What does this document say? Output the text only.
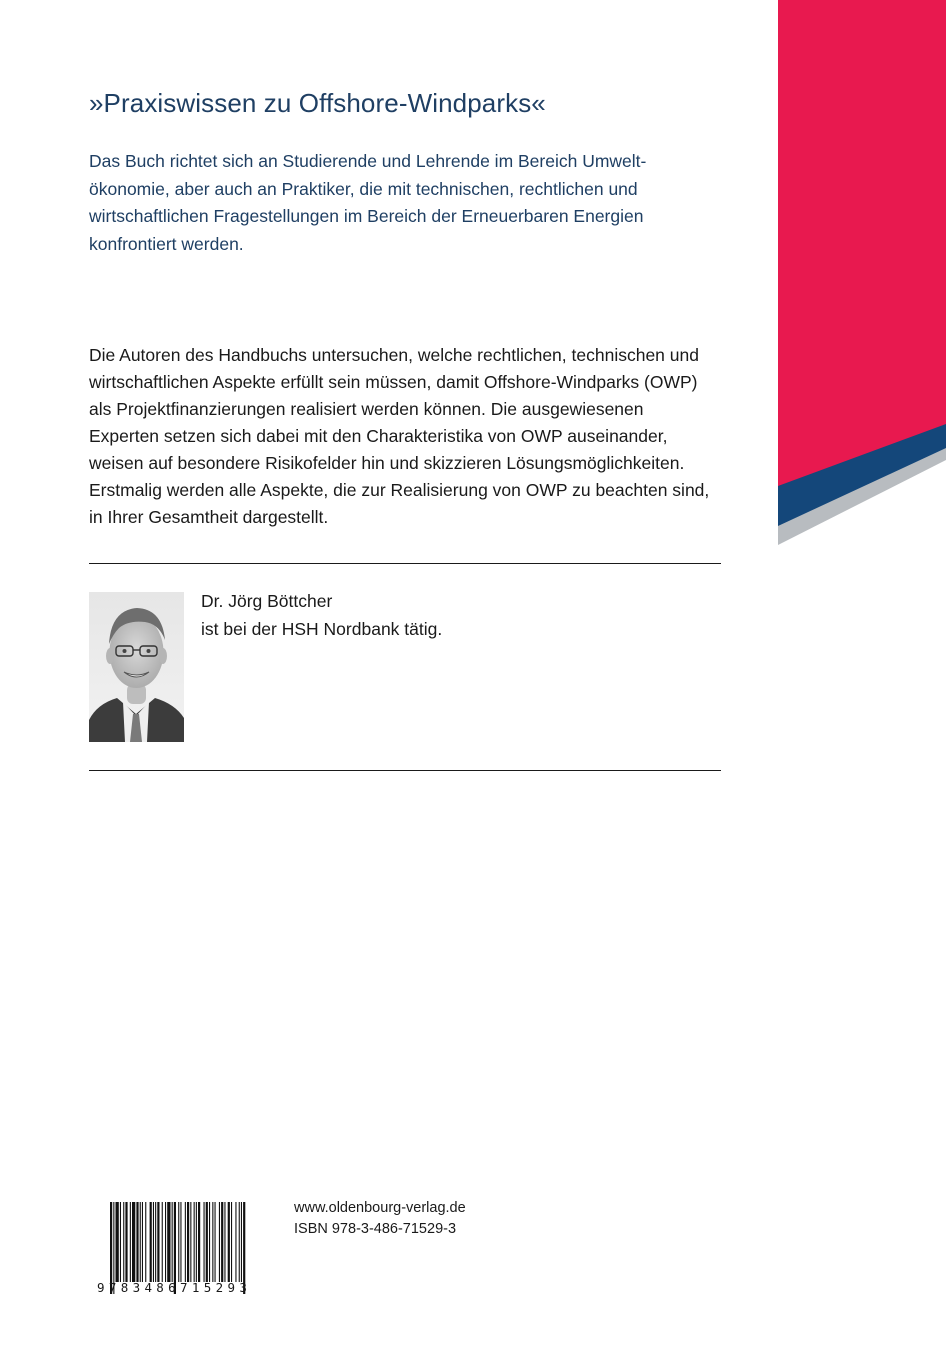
»Praxiswissen zu Offshore-Windparks«

Das Buch richtet sich an Studierende und Lehrende im Bereich Umwelt-
ökonomie, aber auch an Praktiker, die mit technischen, rechtlichen und
wirtschaftlichen Fragestellungen im Bereich der Erneuerbaren Energien
konfrontiert werden.

Die Autoren des Handbuchs untersuchen, welche rechtlichen, technischen und
wirtschaftlichen Aspekte erfüllt sein müssen, damit Offshore-Windparks (OWP)
als Projektfinanzierungen realisiert werden können. Die ausgewiesenen
Experten setzen sich dabei mit den Charakteristika von OWP auseinander,
weisen auf besondere Risikofelder hin und skizzieren Lösungsmöglichkeiten.
Erstmalig werden alle Aspekte, die zur Realisierung von OWP zu beachten sind,
in Ihrer Gesamtheit dargestellt.

Dr. Jörg Böttcher
ist bei der HSH Nordbank tätig.
9 7 8 3 4 8 6 7 1 5 2 9 3
www.oldenbourg-verlag.de
ISBN 978-3-486-71529-3
